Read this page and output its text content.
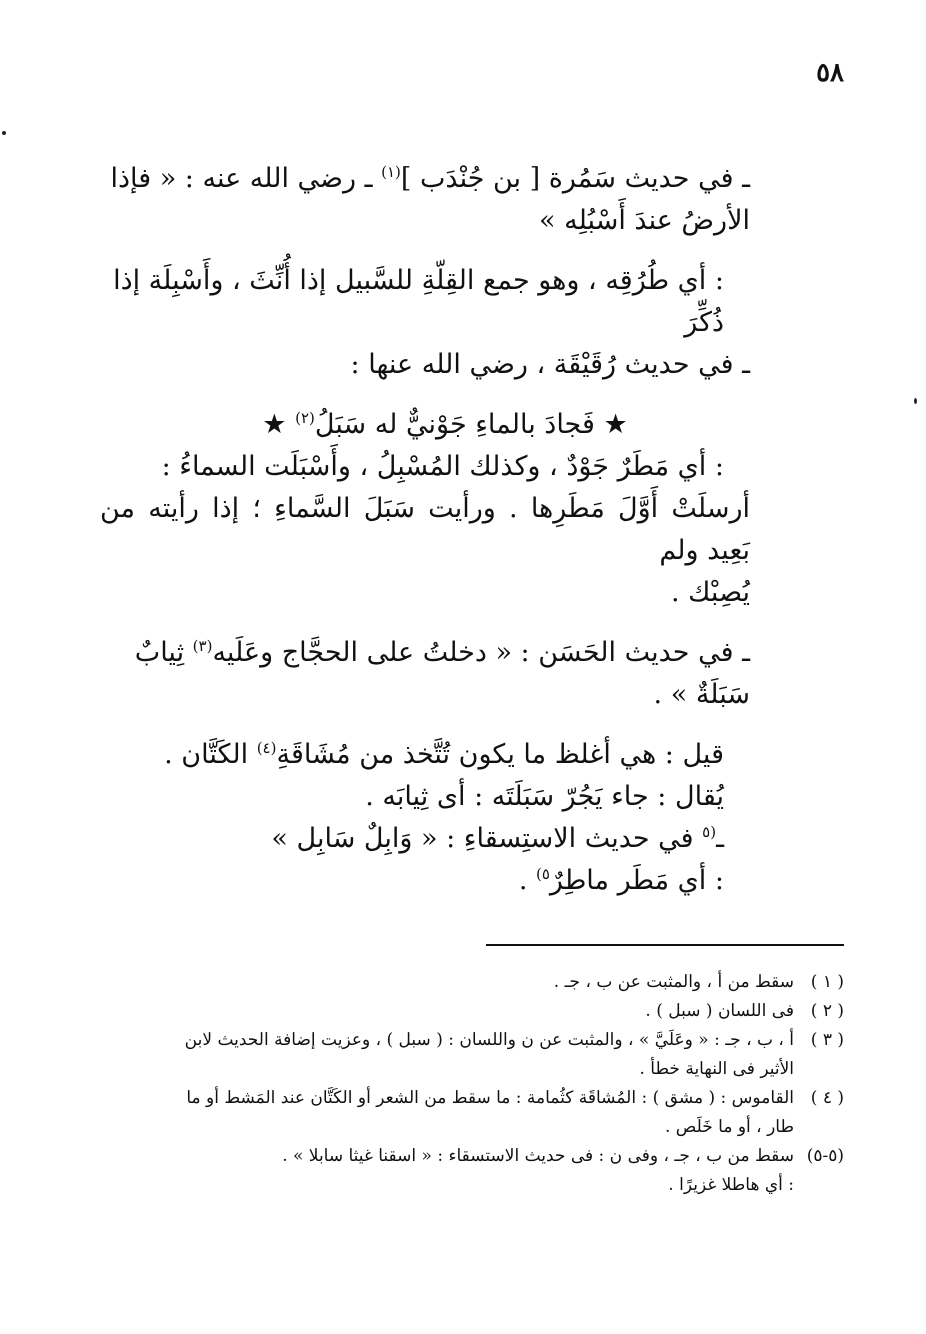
٥٨

ـ في حديث سَمُرة [ بن جُنْدَب ]$^{(١)}$ ـ رضي الله عنه : « فإذا

الأرضُ عندَ أَسْبُلِه »

: أي طُرُقِه ، وهو جمع القِلّةِ للسَّبيل إذا أُنِّثَ ، وأَسْبِلَة إذا ذُكِّرَ

ـ في حديث رُقَيْقَة ، رضي الله عنها :

★ فَجادَ بالماءِ جَوْنيٌّ له سَبَلُ$^{(٢)}$ ★

: أي مَطَرٌ جَوْدٌ ، وكذلك المُسْبِلُ ، وأَسْبَلَت السماءُ :

أرسلَتْ أَوَّلَ مَطَرِها . ورأيت سَبَلَ السَّماءِ ؛ إذا رأيته من بَعِيد ولم

يُصِبْك .

ـ في حديث الحَسَن : « دخلتُ على الحجَّاج وعَلَيه$^{(٣)}$ ثِيابٌ

سَبَلَةٌ » .

قيل : هي أغلظ ما يكون تُتَّخذ من مُشَاقَةِ$^{(٤)}$ الكَتَّان .

يُقال : جاء يَجُرّ سَبَلَتَه : أى ثِيابَه .

ـ$^{(٥}$ في حديث الاستِسقاءِ : « وَابِلٌ سَابِل »

: أي مَطَر ماطِرٌ$^{٥)}$ .

( ١ )
سقط من أ ، والمثبت عن ب ، جـ .
( ٢ )
فى اللسان ( سبل ) .
( ٣ )
أ ، ب ، جـ : « وعَلَيَّ » ، والمثبت عن ن واللسان : ( سبل ) ، وعزيت إضافة الحديث لابن
الأثير فى النهاية خطأ .
( ٤ )
القاموس : ( مشق ) : المُشاقَة كثُمامة : ما سقط من الشعر أو الكَتَّان عند المَشط أو ما
طار ، أو ما خَلَص .
(٥-٥)
سقط من ب ، جـ ، وفى ن : فى حديث الاستسقاء : « اسقنا غيثا سابلا » .
: أي هاطلا غزيرًا .
